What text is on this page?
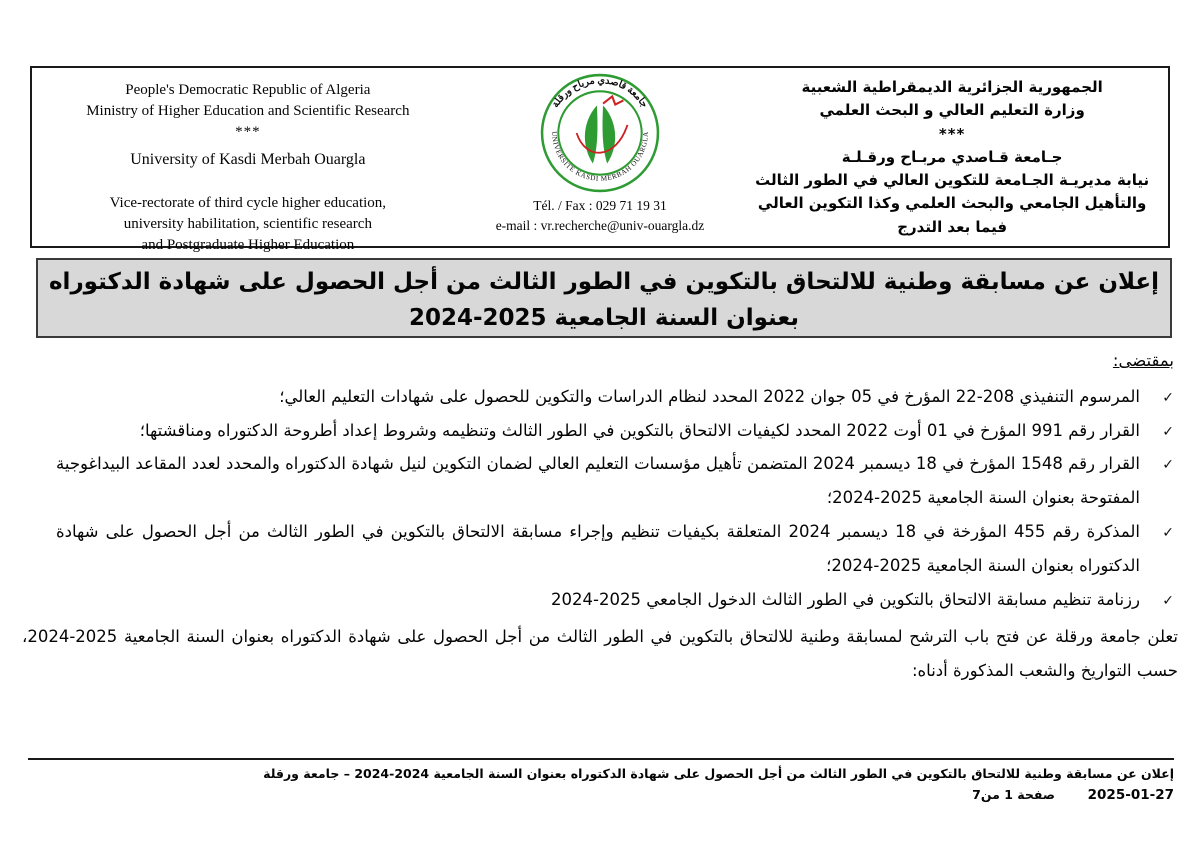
People's Democratic Republic of Algeria
Ministry of Higher Education and Scientific Research
***
University of Kasdi Merbah Ouargla
Vice-rectorate of third cycle higher education,
university habilitation, scientific research
and Postgraduate Higher Education
جامعة قاصدي مرباح ورقلة
UNIVERSITE KASDI MERBAH OUARGLA
Tél. / Fax : 029 71 19 31
e-mail : vr.recherche@univ-ouargla.dz
الجمهورية الجزائرية الديمقراطية الشعبية
وزارة التعليم العالي و البحث العلمي
***
جـامعة قـاصدي مربـاح ورقـلـة
نيابة مديريـة الجـامعة للتكوين العالي في الطور الثالث
والتأهيل الجامعي والبحث العلمي وكذا التكوين العالي
فيما بعد التدرج
إعلان عن مسابقة وطنية للالتحاق بالتكوين في الطور الثالث من أجل الحصول على شهادة الدكتوراه
بعنوان السنة الجامعية 2025-2024
بمقتضى:
✓
المرسوم التنفيذي 208-22 المؤرخ في 05 جوان 2022 المحدد لنظام الدراسات والتكوين للحصول على شهادات التعليم العالي؛
✓
القرار رقم 991 المؤرخ في 01 أوت 2022 المحدد لكيفيات الالتحاق بالتكوين في الطور الثالث وتنظيمه وشروط إعداد أطروحة الدكتوراه ومناقشتها؛
✓
القرار رقم 1548 المؤرخ في 18 ديسمبر 2024 المتضمن تأهيل مؤسسات التعليم العالي لضمان التكوين لنيل شهادة الدكتوراه والمحدد لعدد المقاعد البيداغوجية المفتوحة بعنوان السنة الجامعية 2025-2024؛
✓
المذكرة رقم 455 المؤرخة في 18 ديسمبر 2024 المتعلقة بكيفيات تنظيم وإجراء مسابقة الالتحاق بالتكوين في الطور الثالث من أجل الحصول على شهادة الدكتوراه بعنوان السنة الجامعية 2025-2024؛
✓
رزنامة تنظيم مسابقة الالتحاق بالتكوين في الطور الثالث الدخول الجامعي 2025-2024

تعلن جامعة ورقلة عن فتح باب الترشح لمسابقة وطنية للالتحاق بالتكوين في الطور الثالث من أجل الحصول على شهادة الدكتوراه بعنوان السنة الجامعية 2025-2024، حسب التواريخ والشعب المذكورة أدناه:

إعلان عن مسابقة وطنية للالتحاق بالتكوين في الطور الثالث من أجل الحصول على شهادة الدكتوراه بعنوان السنة الجامعية 2024-2024 – جامعة ورقلة
2025-01-27 صفحة 1 من7
